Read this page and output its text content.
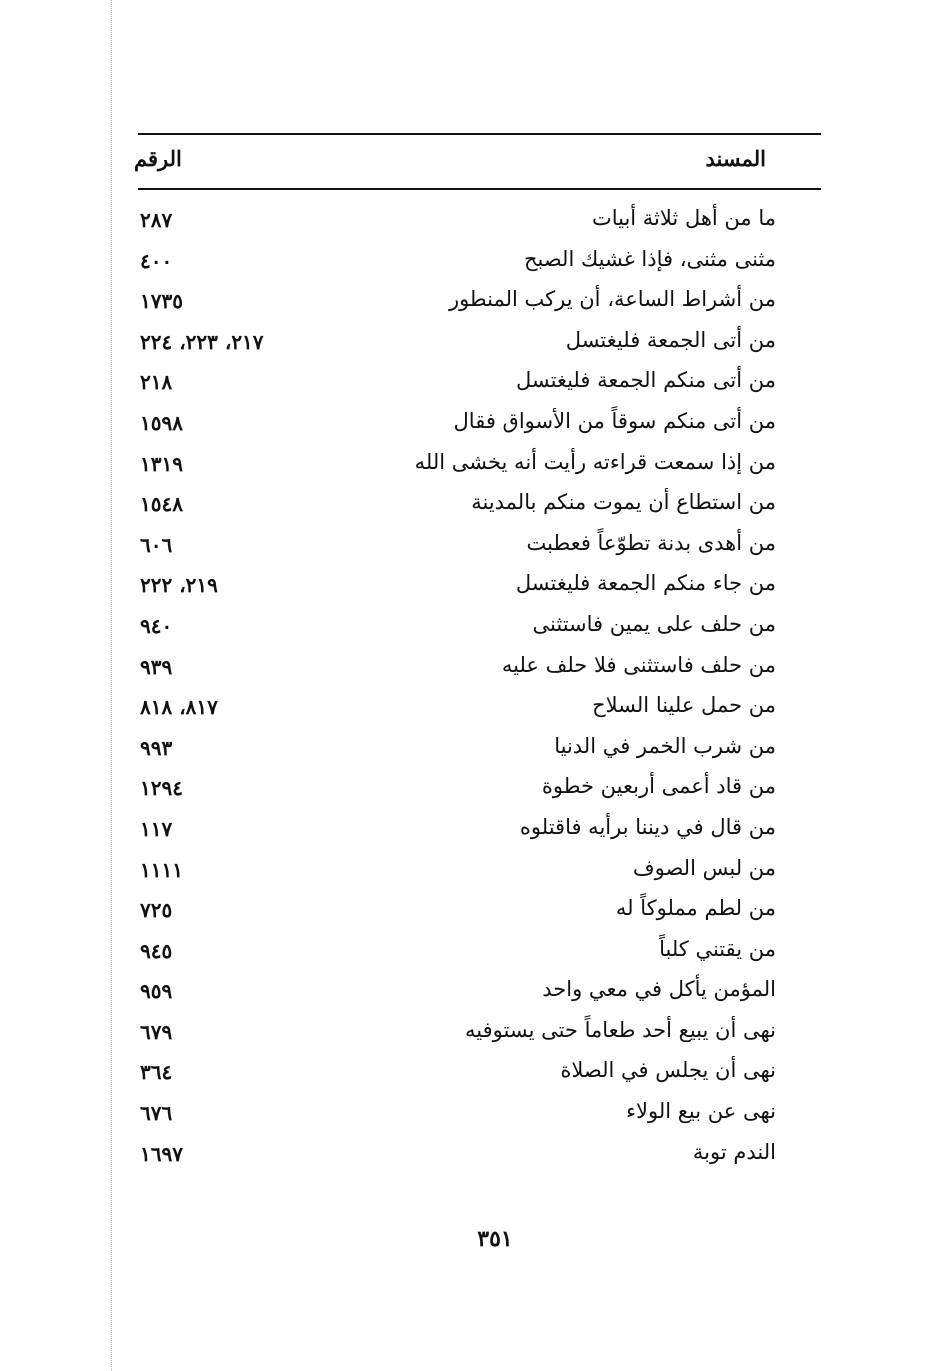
المسند
الرقم
ما من أهل ثلاثة أبيات
٢٨٧
مثنى مثنى، فإذا غشيك الصبح
٤٠٠
من أشراط الساعة، أن يركب المنطور
١٧٣٥
من أتى الجمعة فليغتسل
٢١٧، ٢٢٣، ٢٢٤
من أتى منكم الجمعة فليغتسل
٢١٨
من أتى منكم سوقاً من الأسواق فقال
١٥٩٨
من إذا سمعت قراءته رأيت أنه يخشى الله
١٣١٩
من استطاع أن يموت منكم بالمدينة
١٥٤٨
من أهدى بدنة تطوّعاً فعطبت
٦٠٦
من جاء منكم الجمعة فليغتسل
٢١٩، ٢٢٢
من حلف على يمين فاستثنى
٩٤٠
من حلف فاستثنى فلا حلف عليه
٩٣٩
من حمل علينا السلاح
٨١٧، ٨١٨
من شرب الخمر في الدنيا
٩٩٣
من قاد أعمى أربعين خطوة
١٢٩٤
من قال في ديننا برأيه فاقتلوه
١١٧
من لبس الصوف
١١١١
من لطم مملوكاً له
٧٢٥
من يقتني كلباً
٩٤٥
المؤمن يأكل في معي واحد
٩٥٩
نهى أن يبيع أحد طعاماً حتى يستوفيه
٦٧٩
نهى أن يجلس في الصلاة
٣٦٤
نهى عن بيع الولاء
٦٧٦
الندم توبة
١٦٩٧
٣٥١
